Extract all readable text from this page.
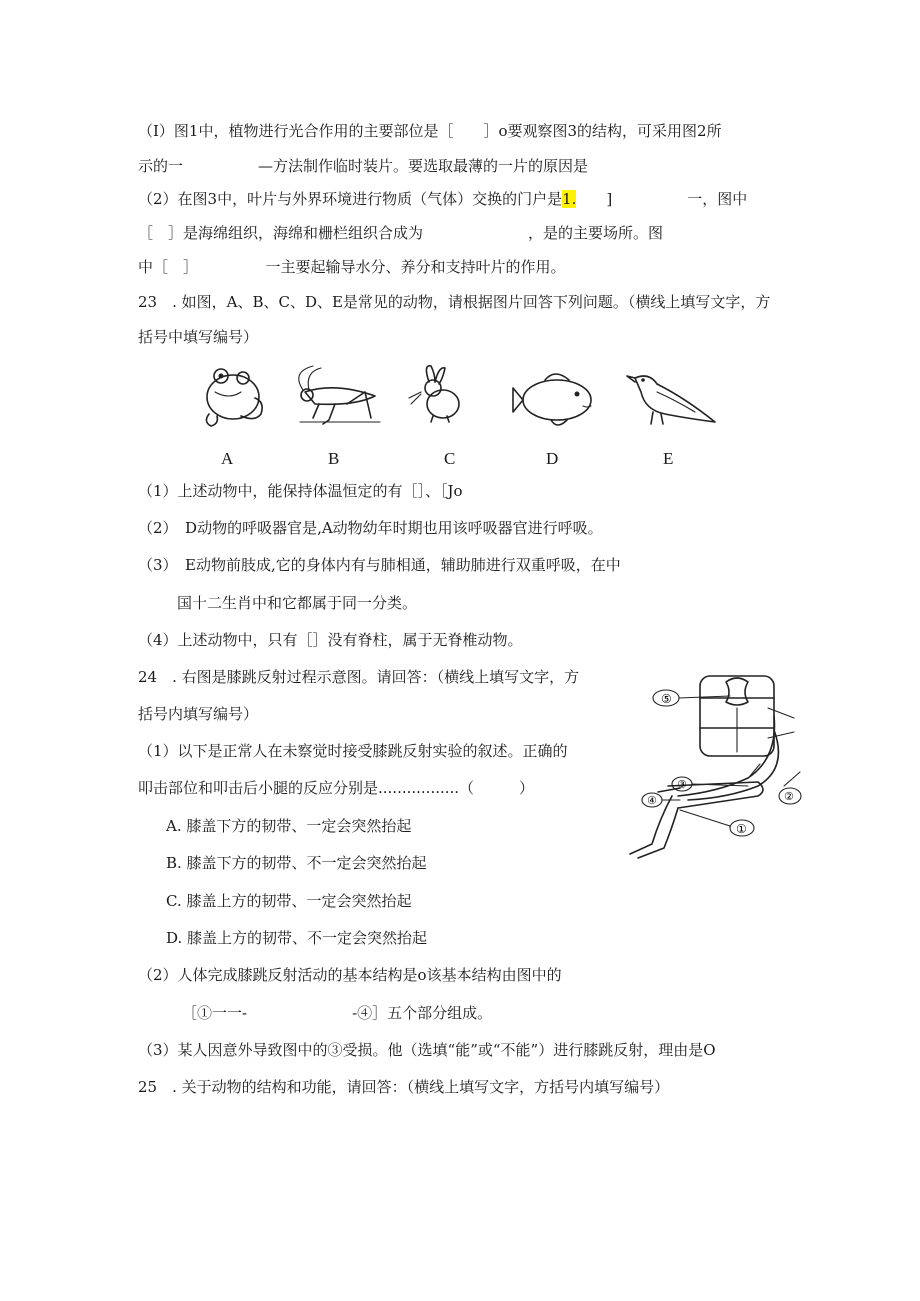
（I）图1中，植物进行光合作用的主要部位是［　　］o要观察图3的结构，可采用图2所
示的一　　　　　—方法制作临时装片。要选取最薄的一片的原因是
（2）在图3中，叶片与外界环境进行物质（气体）交换的门户是1.　　]　　　　　一，图中
［　］是海绵组织，海绵和栅栏组织合成为　　　　　　　，是的主要场所。图
中［　］　　　　　一主要起输导水分、养分和支持叶片的作用。
23　. 如图，A、B、C、D、E是常见的动物，请根据图片回答下列问题。（横线上填写文字，方
括号中填写编号）
A	B	C	D	E
（1）上述动物中，能保持体温恒定的有［］、［Jo
（2）　D动物的呼吸器官是,A动物幼年时期也用该呼吸器官进行呼吸。
（3）　E动物前肢成,它的身体内有与肺相通，辅助肺进行双重呼吸，在中
国十二生肖中和它都属于同一分类。
（4）上述动物中，只有［］没有脊柱，属于无脊椎动物。
24　. 右图是膝跳反射过程示意图。请回答：（横线上填写文字，方
括号内填写编号）
（1）以下是正常人在未察觉时接受膝跳反射实验的叙述。正确的
叩击部位和叩击后小腿的反应分别是.................（　　　）
A. 膝盖下方的韧带、一定会突然抬起
B. 膝盖下方的韧带、不一定会突然抬起
C. 膝盖上方的韧带、一定会突然抬起
D. 膝盖上方的韧带、不一定会突然抬起
（2）人体完成膝跳反射活动的基本结构是o该基本结构由图中的
［①一一-　　　　　　　-④］五个部分组成。
（3）某人因意外导致图中的③受损。他（选填“能”或“不能”）进行膝跳反射，理由是O
⑤
③
④
①
②
25　. 关于动物的结构和功能，请回答：（横线上填写文字，方括号内填写编号）
